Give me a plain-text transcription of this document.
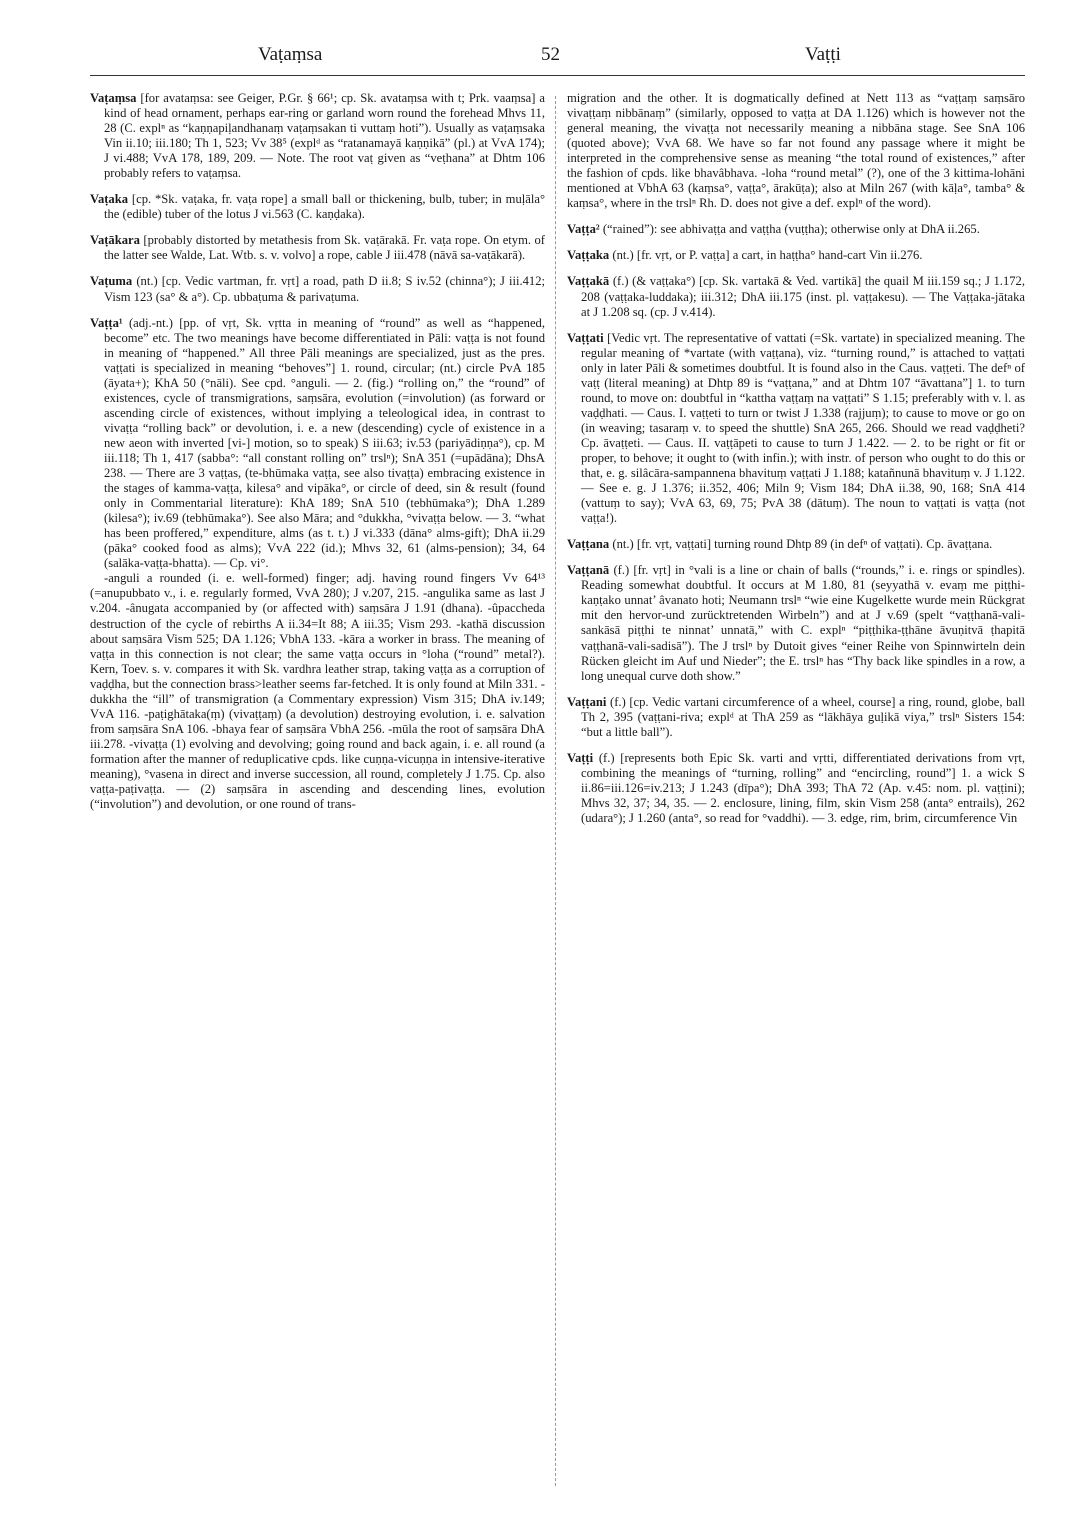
Vaṭaṃsa	52	Vaṭṭi

Vaṭaṃsa [for avataṃsa: see Geiger, P.Gr. § 66¹; cp. Sk. avataṃsa with t; Prk. vaaṃsa] a kind of head ornament, perhaps ear-ring or garland worn round the forehead Mhvs 11, 28 (C. explⁿ as “kaṇṇapiḷandhanaṃ vaṭaṃsakan ti vuttaṃ hoti”). Usually as vaṭaṃsaka Vin ii.10; iii.180; Th 1, 523; Vv 38⁵ (explᵈ as “ratanamayā kaṇṇikā” (pl.) at VvA 174); J vi.488; VvA 178, 189, 209. — Note. The root vaṭ given as “veṭhana” at Dhtm 106 probably refers to vaṭaṃsa.

Vaṭaka [cp. *Sk. vaṭaka, fr. vaṭa rope] a small ball or thickening, bulb, tuber; in muḷāla° the (edible) tuber of the lotus J vi.563 (C. kaṇḍaka).

Vaṭākara [probably distorted by metathesis from Sk. vaṭārakā. Fr. vaṭa rope. On etym. of the latter see Walde, Lat. Wtb. s. v. volvo] a rope, cable J iii.478 (nāvā sa-vaṭākarā).

Vaṭuma (nt.) [cp. Vedic vartman, fr. vṛt] a road, path D ii.8; S iv.52 (chinna°); J iii.412; Vism 123 (sa° & a°). Cp. ubbaṭuma & parivaṭuma.

Vaṭṭa¹ (adj.-nt.) [pp. of vṛt, Sk. vṛtta in meaning of “round” as well as “happened, become” etc. The two meanings have become differentiated in Pāli: vaṭṭa is not found in meaning of “happened.” All three Pāli meanings are specialized, just as the pres. vaṭṭati is specialized in meaning “behoves”] 1. round, circular; (nt.) circle PvA 185 (āyata+); KhA 50 (°nāli). See cpd. °anguli. — 2. (fig.) “rolling on,” the “round” of existences, cycle of transmigrations, saṃsāra, evolution (=involution) (as forward or ascending circle of existences, without implying a teleological idea, in contrast to vivaṭṭa “rolling back” or devolution, i. e. a new (descending) cycle of existence in a new aeon with inverted [vi-] motion, so to speak) S iii.63; iv.53 (pariyādiṇṇa°), cp. M iii.118; Th 1, 417 (sabba°: “all constant rolling on” trslⁿ); SnA 351 (=upādāna); DhsA 238. — There are 3 vaṭṭas, (te-bhūmaka vaṭṭa, see also tivaṭṭa) embracing existence in the stages of kamma-vaṭṭa, kilesa° and vipāka°, or circle of deed, sin & result (found only in Commentarial literature): KhA 189; SnA 510 (tebhūmaka°); DhA 1.289 (kilesa°); iv.69 (tebhūmaka°). See also Māra; and °dukkha, °vivaṭṭa below. — 3. “what has been proffered,” expenditure, alms (as t. t.) J vi.333 (dāna° alms-gift); DhA ii.29 (pāka° cooked food as alms); VvA 222 (id.); Mhvs 32, 61 (alms-pension); 34, 64 (salāka-vaṭṭa-bhatta). — Cp. vi°.

-anguli a rounded (i. e. well-formed) finger; adj. having round fingers Vv 64¹³ (=anupubbato v., i. e. regularly formed, VvA 280); J v.207, 215. -angulika same as last J v.204. -ânugata accompanied by (or affected with) saṃsāra J 1.91 (dhana). -ûpaccheda destruction of the cycle of rebirths A ii.34=It 88; A iii.35; Vism 293. -kathā discussion about saṃsāra Vism 525; DA 1.126; VbhA 133. -kāra a worker in brass. The meaning of vaṭṭa in this connection is not clear; the same vaṭṭa occurs in °loha (“round” metal?). Kern, Toev. s. v. compares it with Sk. vardhra leather strap, taking vaṭṭa as a corruption of vaḍḍha, but the connection brass>leather seems far-fetched. It is only found at Miln 331. -dukkha the “ill” of transmigration (a Commentary expression) Vism 315; DhA iv.149; VvA 116. -paṭighātaka(ṃ) (vivaṭṭaṃ) (a devolution) destroying evolution, i. e. salvation from saṃsāra SnA 106. -bhaya fear of saṃsāra VbhA 256. -mūla the root of saṃsāra DhA iii.278. -vivaṭṭa (1) evolving and devolving; going round and back again, i. e. all round (a formation after the manner of reduplicative cpds. like cuṇṇa-vicuṇṇa in intensive-iterative meaning), °vasena in direct and inverse succession, all round, completely J 1.75. Cp. also vaṭṭa-paṭivaṭṭa. — (2) saṃsāra in ascending and descending lines, evolution (“involution”) and devolution, or one round of trans-

migration and the other. It is dogmatically defined at Nett 113 as “vaṭṭaṃ saṃsāro vivaṭṭaṃ nibbānaṃ” (similarly, opposed to vaṭṭa at DA 1.126) which is however not the general meaning, the vivaṭṭa not necessarily meaning a nibbāna stage. See SnA 106 (quoted above); VvA 68. We have so far not found any passage where it might be interpreted in the comprehensive sense as meaning “the total round of existences,” after the fashion of cpds. like bhavâbhava. -loha “round metal” (?), one of the 3 kittima-lohāni mentioned at VbhA 63 (kaṃsa°, vaṭṭa°, ārakūṭa); also at Miln 267 (with kāḷa°, tamba° & kaṃsa°, where in the trslⁿ Rh. D. does not give a def. explⁿ of the word).

Vaṭṭa² (“rained”): see abhivaṭṭa and vaṭṭha (vuṭṭha); otherwise only at DhA ii.265.

Vaṭṭaka (nt.) [fr. vṛt, or P. vaṭṭa] a cart, in haṭṭha° hand-cart Vin ii.276.

Vaṭṭakā (f.) (& vaṭṭaka°) [cp. Sk. vartakā & Ved. vartikā] the quail M iii.159 sq.; J 1.172, 208 (vaṭṭaka-luddaka); iii.312; DhA iii.175 (inst. pl. vaṭṭakesu). — The Vaṭṭaka-jātaka at J 1.208 sq. (cp. J v.414).

Vaṭṭati [Vedic vṛt. The representative of vattati (=Sk. vartate) in specialized meaning. The regular meaning of *vartate (with vaṭṭana), viz. “turning round,” is attached to vaṭṭati only in later Pāli & sometimes doubtful. It is found also in the Caus. vaṭṭeti. The defⁿ of vaṭṭ (literal meaning) at Dhtp 89 is “vaṭṭana,” and at Dhtm 107 “āvattana”] 1. to turn round, to move on: doubtful in “kattha vaṭṭaṃ na vaṭṭati” S 1.15; preferably with v. l. as vaḍḍhati. — Caus. I. vaṭṭeti to turn or twist J 1.338 (rajjuṃ); to cause to move or go on (in weaving; tasaraṃ v. to speed the shuttle) SnA 265, 266. Should we read vaḍḍheti? Cp. āvaṭṭeti. — Caus. II. vaṭṭāpeti to cause to turn J 1.422. — 2. to be right or fit or proper, to behove; it ought to (with infin.); with instr. of person who ought to do this or that, e. g. silâcāra-sampannena bhavituṃ vaṭṭati J 1.188; katañnunā bhavituṃ v. J 1.122. — See e. g. J 1.376; ii.352, 406; Miln 9; Vism 184; DhA ii.38, 90, 168; SnA 414 (vattuṃ to say); VvA 63, 69, 75; PvA 38 (dātuṃ). The noun to vaṭṭati is vaṭṭa (not vaṭṭa!).

Vaṭṭana (nt.) [fr. vṛt, vaṭṭati] turning round Dhtp 89 (in defⁿ of vaṭṭati). Cp. āvaṭṭana.

Vaṭṭanā (f.) [fr. vṛt] in °vali is a line or chain of balls (“rounds,” i. e. rings or spindles). Reading somewhat doubtful. It occurs at M 1.80, 81 (seyyathā v. evaṃ me piṭṭhi-kaṇṭako unnat’ âvanato hoti; Neumann trslⁿ “wie eine Kugelkette wurde mein Rückgrat mit den hervor-und zurücktretenden Wirbeln”) and at J v.69 (spelt “vaṭṭhanā-vali-sankāsā piṭṭhi te ninnat’ unnatā,” with C. explⁿ “piṭṭhika-ṭṭhāne āvuṇitvā ṭhapitā vaṭṭhanā-vali-sadisā”). The J trslⁿ by Dutoit gives “einer Reihe von Spinnwirteln dein Rücken gleicht im Auf und Nieder”; the E. trslⁿ has “Thy back like spindles in a row, a long unequal curve doth show.”

Vaṭṭani (f.) [cp. Vedic vartani circumference of a wheel, course] a ring, round, globe, ball Th 2, 395 (vaṭṭani-riva; explᵈ at ThA 259 as “lākhāya guḷikā viya,” trslⁿ Sisters 154: “but a little ball”).

Vaṭṭi (f.) [represents both Epic Sk. varti and vṛtti, differentiated derivations from vṛt, combining the meanings of “turning, rolling” and “encircling, round”] 1. a wick S ii.86=iii.126=iv.213; J 1.243 (dīpa°); DhA 393; ThA 72 (Ap. v.45: nom. pl. vaṭṭini); Mhvs 32, 37; 34, 35. — 2. enclosure, lining, film, skin Vism 258 (anta° entrails), 262 (udara°); J 1.260 (anta°, so read for °vaddhi). — 3. edge, rim, brim, circumference Vin
